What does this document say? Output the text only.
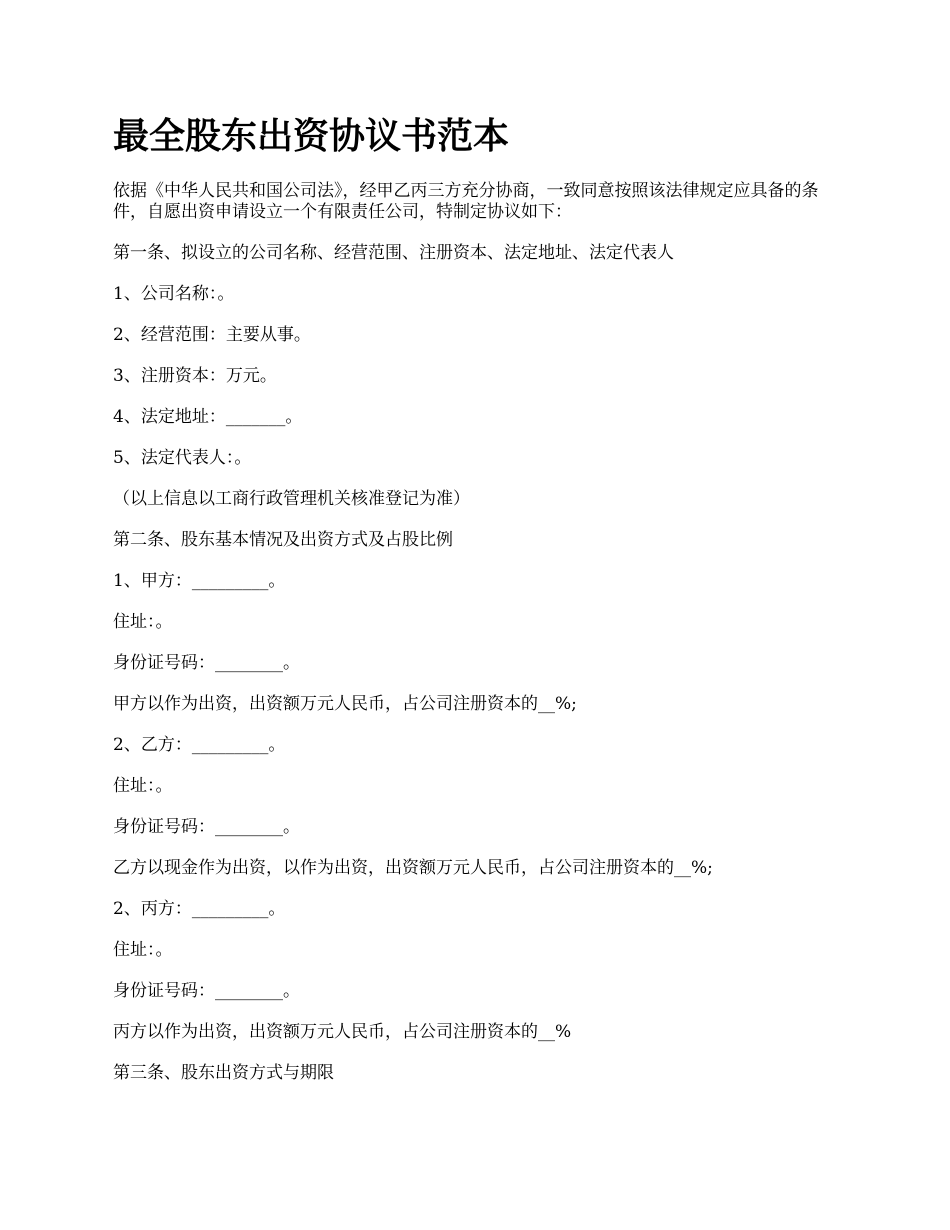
最全股东出资协议书范本

依据《中华人民共和国公司法》，经甲乙丙三方充分协商，一致同意按照该法律规定应具备的条件，自愿出资申请设立一个有限责任公司，特制定协议如下：

第一条、拟设立的公司名称、经营范围、注册资本、法定地址、法定代表人

1、公司名称：。

2、经营范围：主要从事。

3、注册资本：万元。

4、法定地址：_______。

5、法定代表人：。

（以上信息以工商行政管理机关核准登记为准）

第二条、股东基本情况及出资方式及占股比例

1、甲方：_________。

住址：。

身份证号码：________。

甲方以作为出资，出资额万元人民币，占公司注册资本的__%;

2、乙方：_________。

住址：。

身份证号码：________。

乙方以现金作为出资，以作为出资，出资额万元人民币，占公司注册资本的__%;

2、丙方：_________。

住址：。

身份证号码：________。

丙方以作为出资，出资额万元人民币，占公司注册资本的__%

第三条、股东出资方式与期限
